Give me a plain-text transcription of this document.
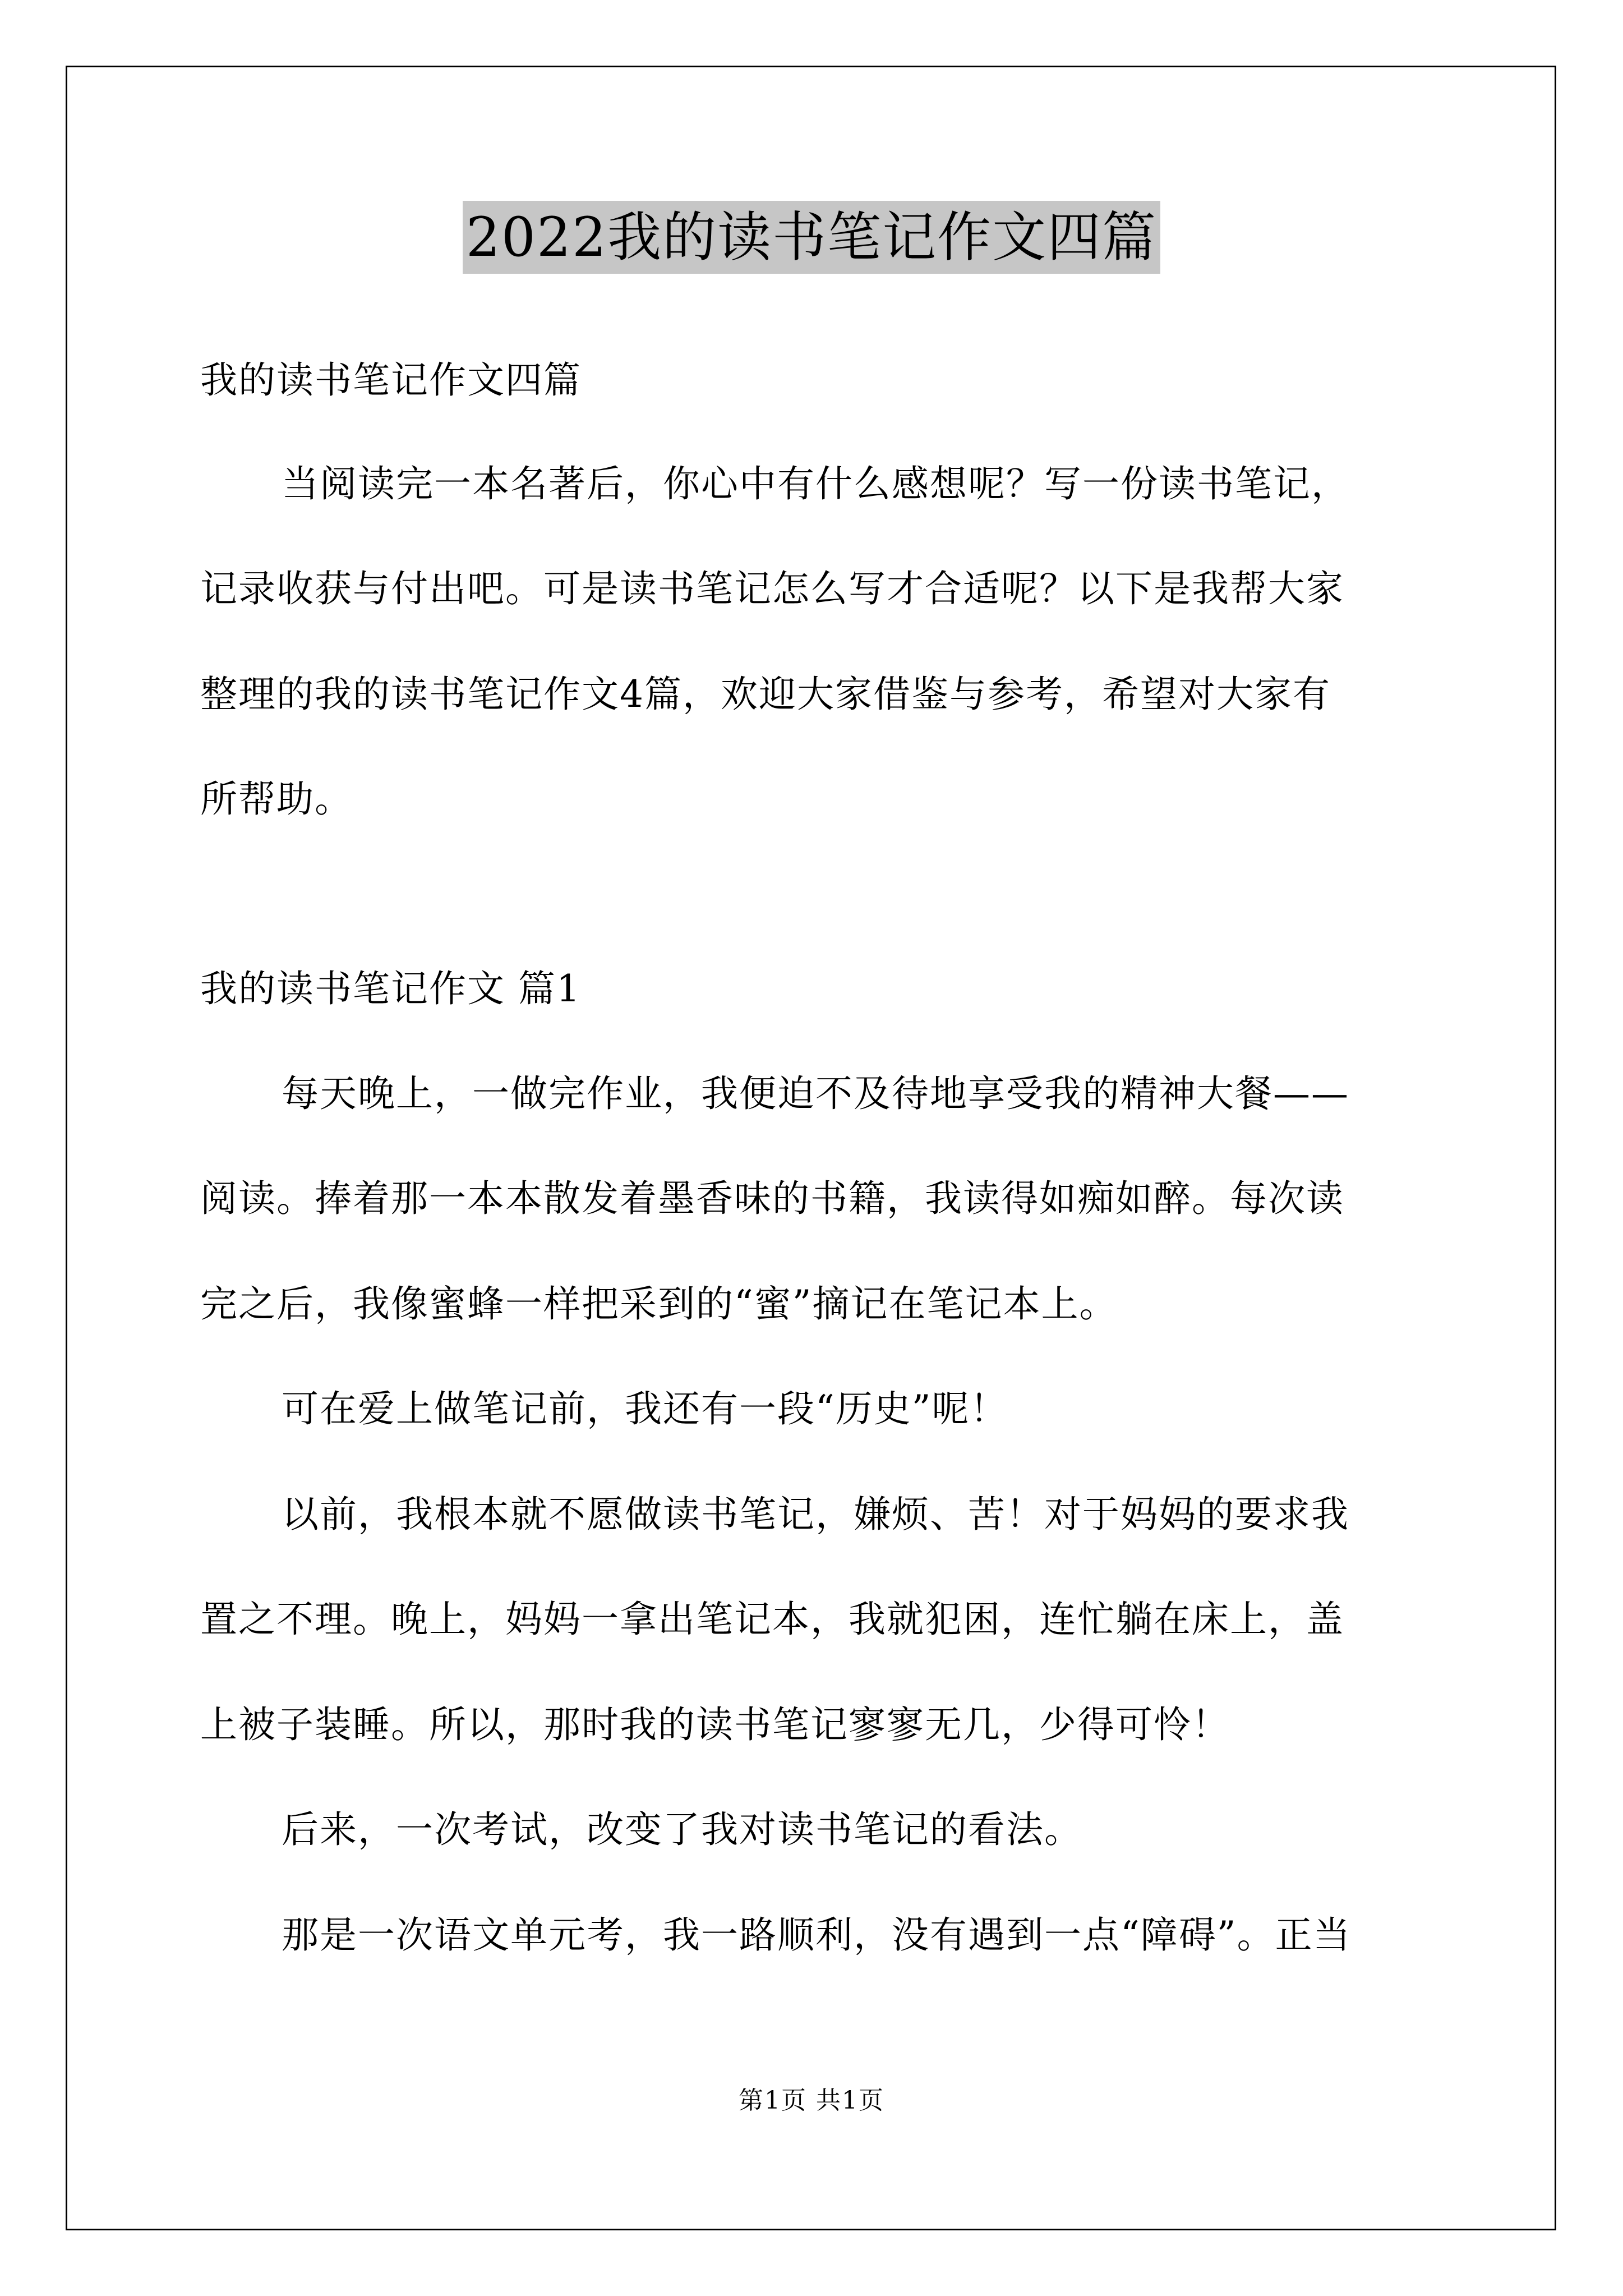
2022我的读书笔记作文四篇
我的读书笔记作文四篇
当阅读完一本名著后，你心中有什么感想呢？写一份读书笔记，
记录收获与付出吧。可是读书笔记怎么写才合适呢？以下是我帮大家
整理的我的读书笔记作文4篇，欢迎大家借鉴与参考，希望对大家有
所帮助。
我的读书笔记作文 篇1
每天晚上，一做完作业，我便迫不及待地享受我的精神大餐——
阅读。捧着那一本本散发着墨香味的书籍，我读得如痴如醉。每次读
完之后，我像蜜蜂一样把采到的“蜜”摘记在笔记本上。
可在爱上做笔记前，我还有一段“历史”呢！
以前，我根本就不愿做读书笔记，嫌烦、苦！对于妈妈的要求我
置之不理。晚上，妈妈一拿出笔记本，我就犯困，连忙躺在床上，盖
上被子装睡。所以，那时我的读书笔记寥寥无几，少得可怜！
后来，一次考试，改变了我对读书笔记的看法。
那是一次语文单元考，我一路顺利，没有遇到一点“障碍”。正当
第1页 共1页
